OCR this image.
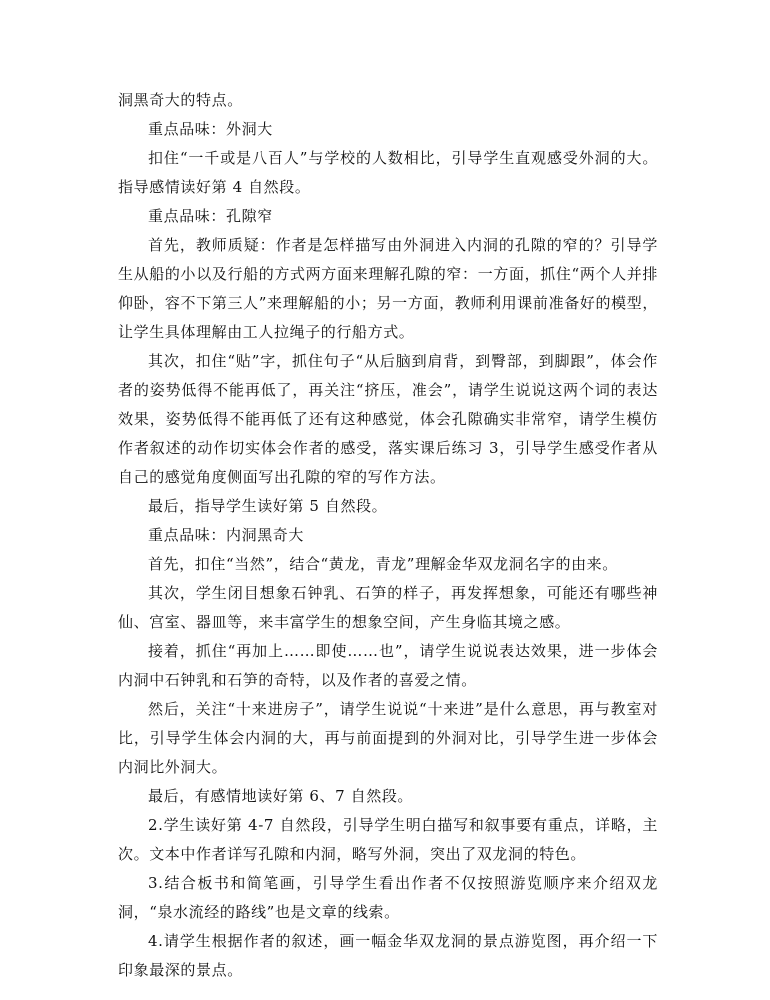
洞黑奇大的特点。

重点品味：外洞大

扣住“一千或是八百人”与学校的人数相比，引导学生直观感受外洞的大。指导感情读好第 4 自然段。

重点品味：孔隙窄

首先，教师质疑：作者是怎样描写由外洞进入内洞的孔隙的窄的？引导学生从船的小以及行船的方式两方面来理解孔隙的窄：一方面，抓住“两个人并排仰卧，容不下第三人”来理解船的小；另一方面，教师利用课前准备好的模型，让学生具体理解由工人拉绳子的行船方式。

其次，扣住“贴”字，抓住句子“从后脑到肩背，到臀部，到脚跟”，体会作者的姿势低得不能再低了，再关注“挤压，准会”，请学生说说这两个词的表达效果，姿势低得不能再低了还有这种感觉，体会孔隙确实非常窄，请学生模仿作者叙述的动作切实体会作者的感受，落实课后练习 3，引导学生感受作者从自己的感觉角度侧面写出孔隙的窄的写作方法。

最后，指导学生读好第 5 自然段。

重点品味：内洞黑奇大

首先，扣住“当然”，结合“黄龙，青龙”理解金华双龙洞名字的由来。

其次，学生闭目想象石钟乳、石笋的样子，再发挥想象，可能还有哪些神仙、宫室、器皿等，来丰富学生的想象空间，产生身临其境之感。

接着，抓住“再加上……即使……也”，请学生说说表达效果，进一步体会内洞中石钟乳和石笋的奇特，以及作者的喜爱之情。

然后，关注“十来进房子”，请学生说说“十来进”是什么意思，再与教室对比，引导学生体会内洞的大，再与前面提到的外洞对比，引导学生进一步体会内洞比外洞大。

最后，有感情地读好第 6、7 自然段。

2.学生读好第 4-7 自然段，引导学生明白描写和叙事要有重点，详略，主次。文本中作者详写孔隙和内洞，略写外洞，突出了双龙洞的特色。

3.结合板书和简笔画，引导学生看出作者不仅按照游览顺序来介绍双龙洞，“泉水流经的路线”也是文章的线索。

4.请学生根据作者的叙述，画一幅金华双龙洞的景点游览图，再介绍一下印象最深的景点。
